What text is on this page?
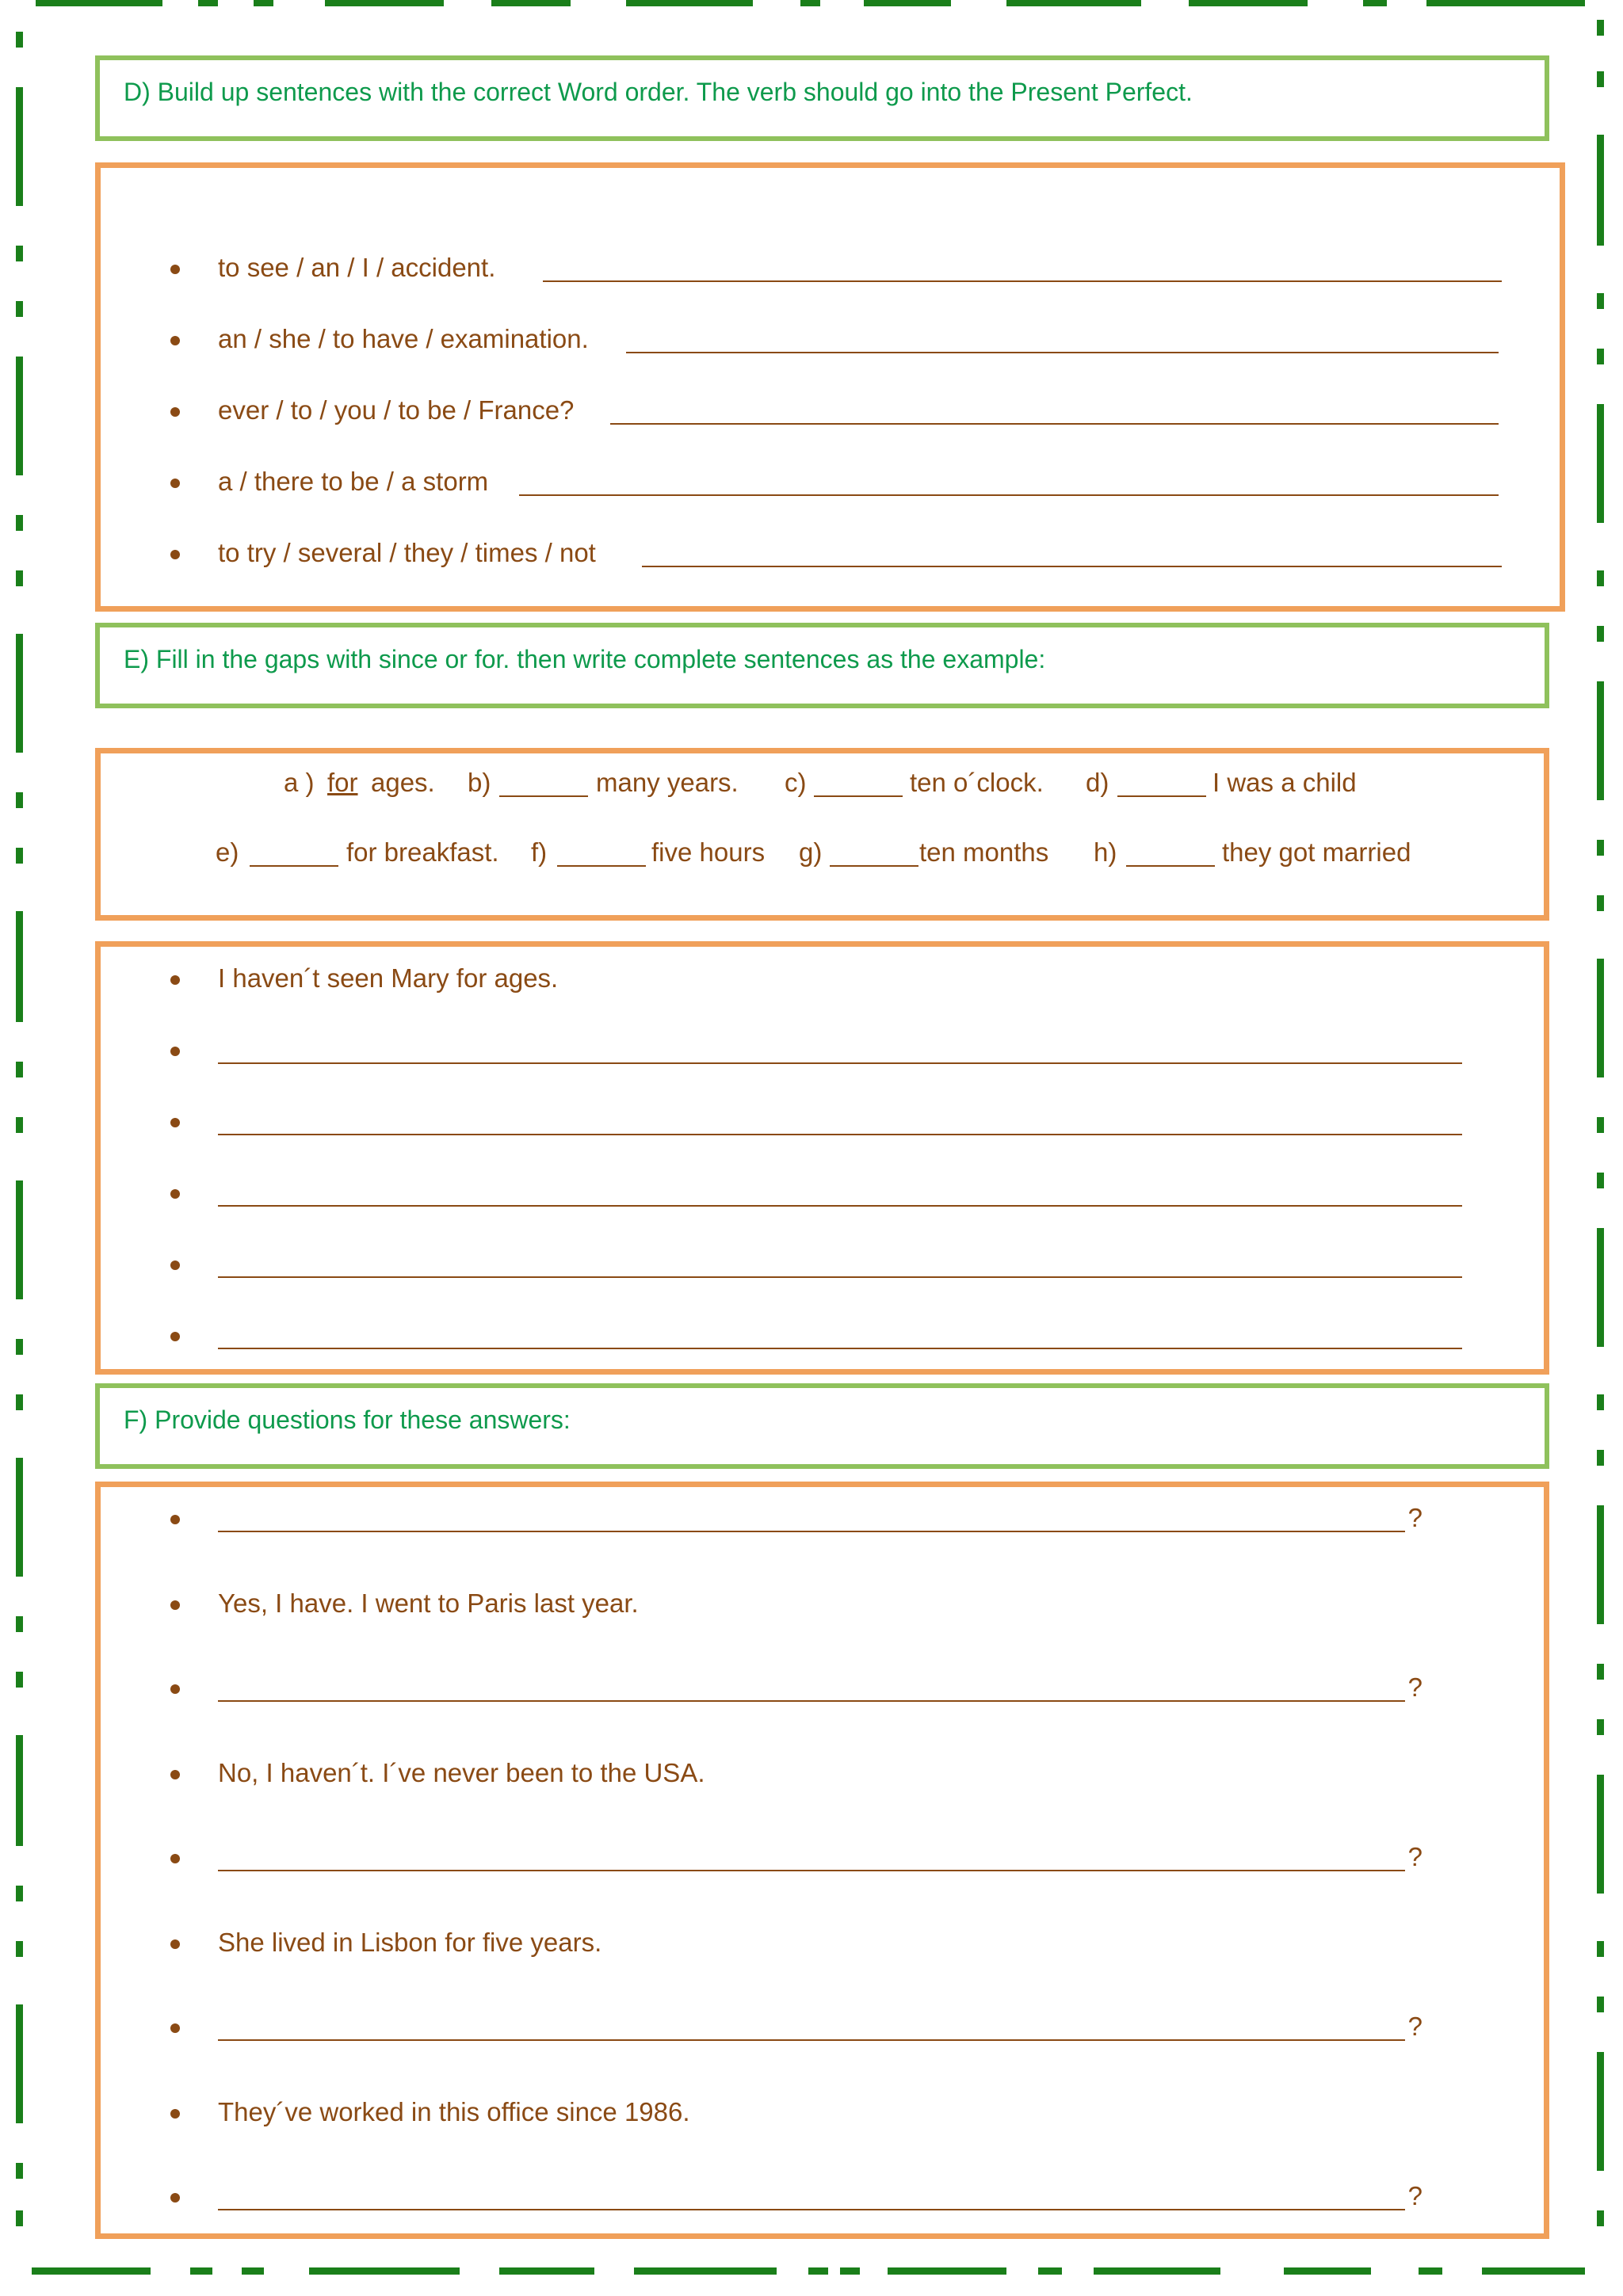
D) Build up sentences with the correct Word order. The verb should go into the Present Perfect.
to see / an / I / accident.
an / she / to have / examination.
ever / to / you / to be / France?
a / there to be / a storm
to try / several / they / times / not
E) Fill in the gaps with since or for. then write complete sentences as the example:
a ) for ages. b)	many years. c)	ten o´clock. d)	I was a child
e)	for breakfast. f)	five hours g)	ten months h)	they got married
I haven´t seen Mary for ages.
F) Provide questions for these answers:
?
Yes, I have. I went to Paris last year.
?
No, I haven´t. I´ve never been to the USA.
?
She lived in Lisbon for five years.
?
They´ve worked in this office since 1986.
?
